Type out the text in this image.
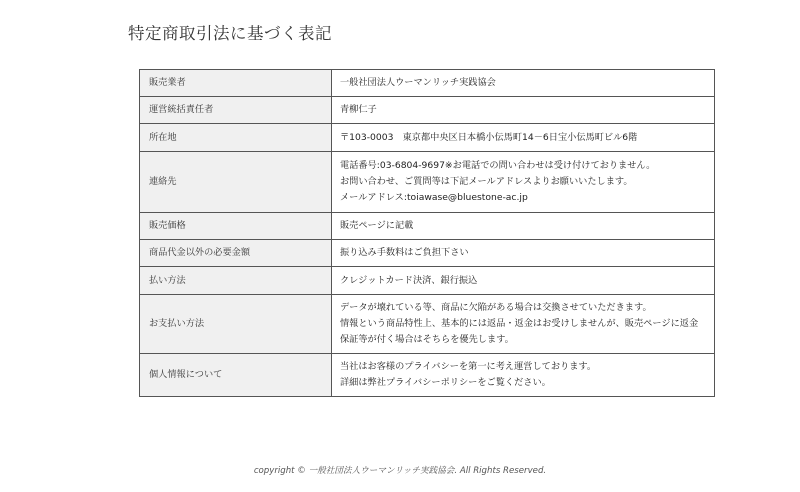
特定商取引法に基づく表記
販売業者	一般社団法人ウーマンリッチ実践協会

運営統括責任者	青柳仁子

所在地	〒103-0003　東京都中央区日本橋小伝馬町14－6日宝小伝馬町ビル6階

連絡先	電話番号:03-6804-9697※お電話での問い合わせは受け付けておりません。
お問い合わせ、ご質問等は下記メールアドレスよりお願いいたします。
メールアドレス:toiawase@bluestone-ac.jp

販売価格	販売ページに記載

商品代金以外の必要金額	振り込み手数料はご負担下さい

払い方法	クレジットカード決済、銀行振込

お支払い方法	データが壊れている等、商品に欠陥がある場合は交換させていただきます。
情報という商品特性上、基本的には返品・返金はお受けしませんが、販売ページに返金
保証等が付く場合はそちらを優先します。

個人情報について	当社はお客様のプライバシーを第一に考え運営しております。
詳細は弊社プライバシーポリシーをご覧ください。
copyright © 一般社団法人ウーマンリッチ実践協会. All Rights Reserved.
